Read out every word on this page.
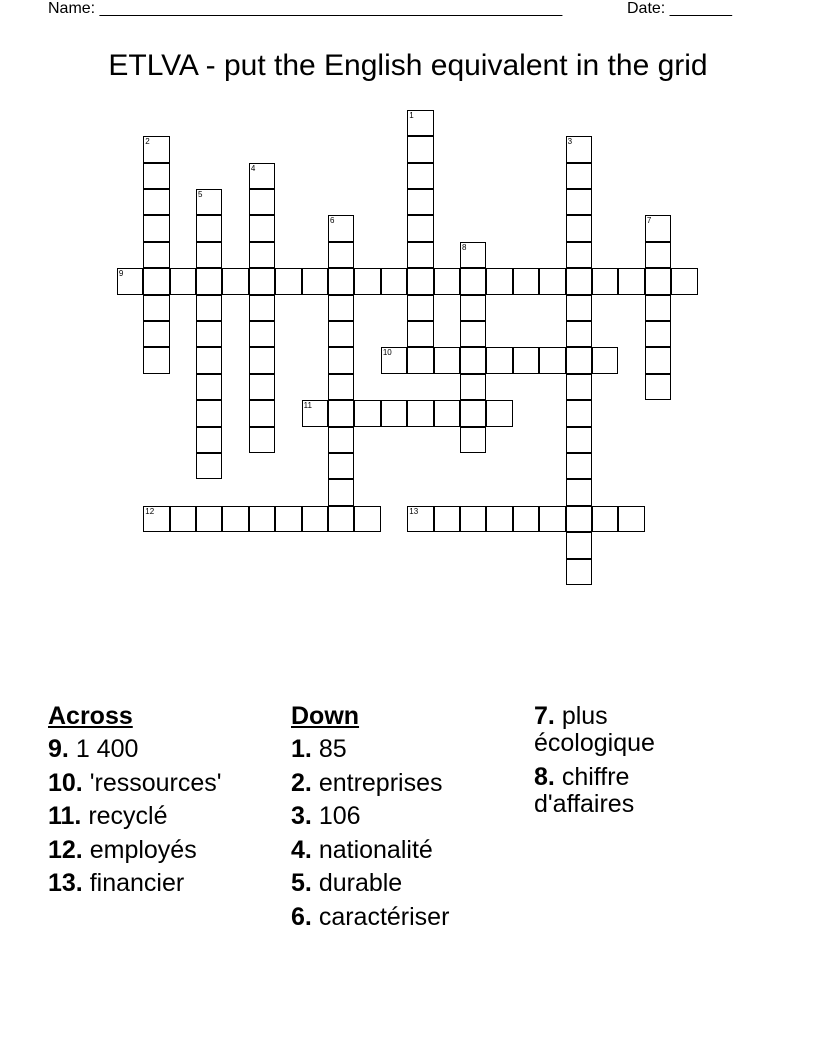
Name: ____________________________________________________	Date: _______
ETLVA - put the English equivalent in the grid
1
2	3
4
5
6	7
8
9
10
11
12	13
Across
9. 1 400
10. 'ressources'
11. recyclé
12. employés
13. financier
Down
1. 85
2. entreprises
3. 106
4. nationalité
5. durable
6. caractériser
7. plus écologique
8. chiffre d'affaires
